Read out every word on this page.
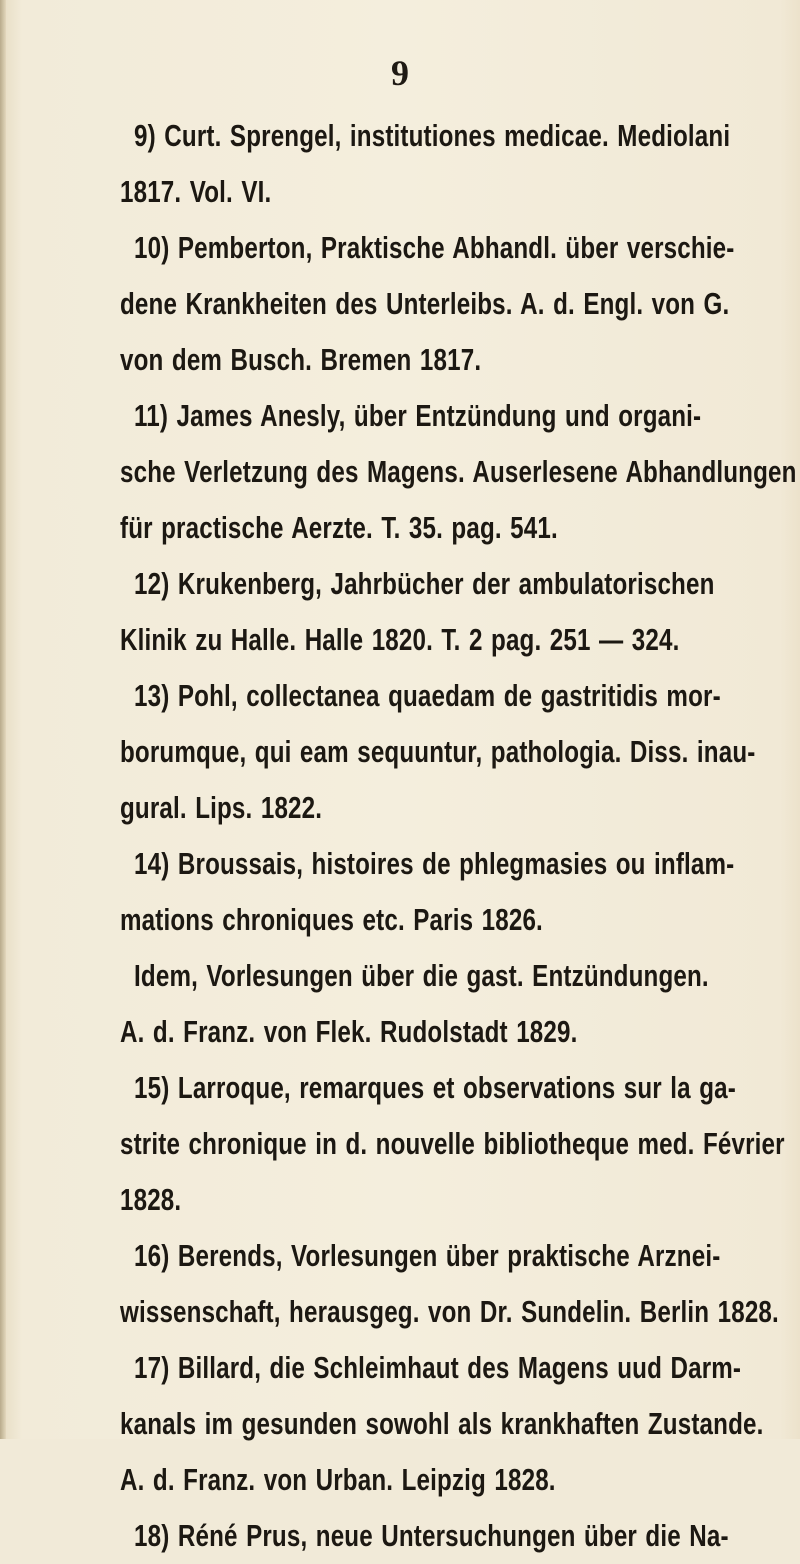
9

9) Curt. Sprengel, institutiones medicae. Mediolani
1817. Vol. VI.
10) Pemberton, Praktische Abhandl. über verschie-
dene Krankheiten des Unterleibs. A. d. Engl. von G.
von dem Busch. Bremen 1817.
11) James Anesly, über Entzündung und organi-
sche Verletzung des Magens. Auserlesene Abhandlungen
für practische Aerzte. T. 35. pag. 541.
12) Krukenberg, Jahrbücher der ambulatorischen
Klinik zu Halle. Halle 1820. T. 2 pag. 251 — 324.
13) Pohl, collectanea quaedam de gastritidis mor-
borumque, qui eam sequuntur, pathologia. Diss. inau-
gural. Lips. 1822.
14) Broussais, histoires de phlegmasies ou inflam-
mations chroniques etc. Paris 1826.
Idem, Vorlesungen über die gast. Entzündungen.
A. d. Franz. von Flek. Rudolstadt 1829.
15) Larroque, remarques et observations sur la ga-
strite chronique in d. nouvelle bibliotheque med. Février
1828.
16) Berends, Vorlesungen über praktische Arznei-
wissenschaft, herausgeg. von Dr. Sundelin. Berlin 1828.
17) Billard, die Schleimhaut des Magens uud Darm-
kanals im gesunden sowohl als krankhaften Zustande.
A. d. Franz. von Urban. Leipzig 1828.
18) Réné Prus, neue Untersuchungen über die Na-
